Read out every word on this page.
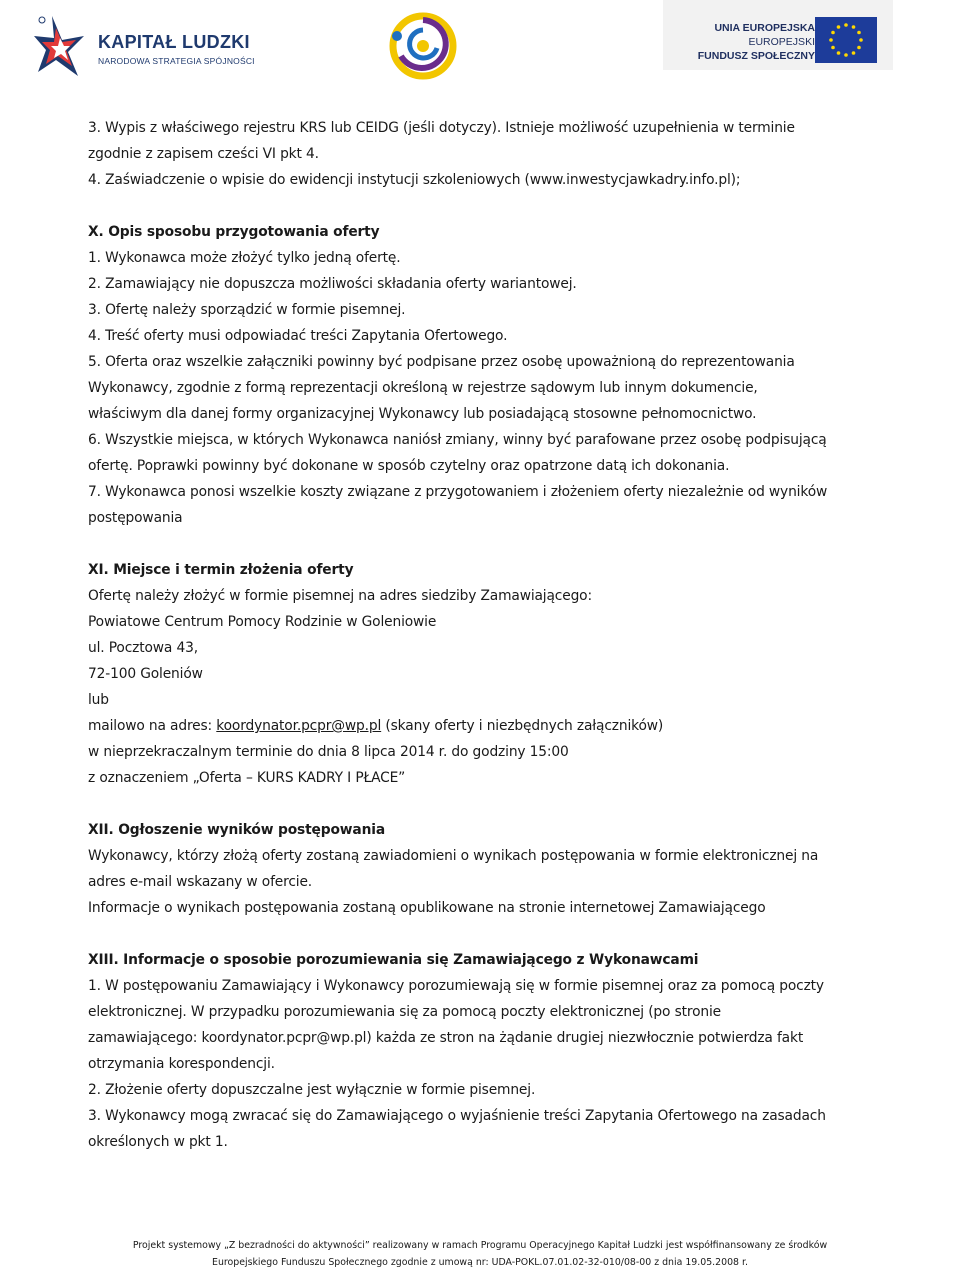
KAPITAŁ LUDZKI
NARODOWA STRATEGIA SPÓJNOŚCI
UNIA EUROPEJSKA
EUROPEJSKI
FUNDUSZ SPOŁECZNY
3. Wypis z właściwego rejestru KRS lub CEIDG (jeśli dotyczy). Istnieje możliwość uzupełnienia w terminie
zgodnie z zapisem cześci VI pkt 4.
4. Zaświadczenie o wpisie do ewidencji instytucji szkoleniowych (www.inwestycjawkadry.info.pl);
X. Opis sposobu przygotowania oferty
1. Wykonawca może złożyć tylko jedną ofertę.
2. Zamawiający nie dopuszcza możliwości składania oferty wariantowej.
3. Ofertę należy sporządzić w formie pisemnej.
4. Treść oferty musi odpowiadać treści Zapytania Ofertowego.
5. Oferta oraz wszelkie załączniki powinny być podpisane przez osobę upoważnioną do reprezentowania
Wykonawcy, zgodnie z formą reprezentacji określoną w rejestrze sądowym lub innym dokumencie,
właściwym dla danej formy organizacyjnej Wykonawcy lub posiadającą stosowne pełnomocnictwo.
6. Wszystkie miejsca, w których Wykonawca naniósł zmiany, winny być parafowane przez osobę podpisującą
ofertę. Poprawki powinny być dokonane w sposób czytelny oraz opatrzone datą ich dokonania.
7. Wykonawca ponosi wszelkie koszty związane z przygotowaniem i złożeniem oferty niezależnie od wyników
postępowania
XI. Miejsce i termin złożenia oferty
Ofertę należy złożyć w formie pisemnej na adres siedziby Zamawiającego:
Powiatowe Centrum Pomocy Rodzinie w Goleniowie
ul. Pocztowa 43,
72-100 Goleniów
lub
mailowo na adres: koordynator.pcpr@wp.pl (skany oferty i niezbędnych załączników)
w nieprzekraczalnym terminie do dnia 8 lipca 2014 r. do godziny 15:00
z oznaczeniem „Oferta – KURS KADRY I PŁACE”
XII. Ogłoszenie wyników postępowania
Wykonawcy, którzy złożą oferty zostaną zawiadomieni o wynikach postępowania w formie elektronicznej na
adres e-mail wskazany w ofercie.
Informacje o wynikach postępowania zostaną opublikowane na stronie internetowej Zamawiającego
XIII. Informacje o sposobie porozumiewania się Zamawiającego z Wykonawcami
1. W postępowaniu Zamawiający i Wykonawcy porozumiewają się w formie pisemnej oraz za pomocą poczty
elektronicznej. W przypadku porozumiewania się za pomocą poczty elektronicznej (po stronie
zamawiającego: koordynator.pcpr@wp.pl) każda ze stron na żądanie drugiej niezwłocznie potwierdza fakt
otrzymania korespondencji.
2. Złożenie oferty dopuszczalne jest wyłącznie w formie pisemnej.
3. Wykonawcy mogą zwracać się do Zamawiającego o wyjaśnienie treści Zapytania Ofertowego na zasadach
określonych w pkt 1.
Projekt systemowy „Z bezradności do aktywności” realizowany w ramach Programu Operacyjnego Kapitał Ludzki jest współfinansowany ze środków
Europejskiego Funduszu Społecznego zgodnie z umową nr: UDA-POKL.07.01.02-32-010/08-00 z dnia 19.05.2008 r.
